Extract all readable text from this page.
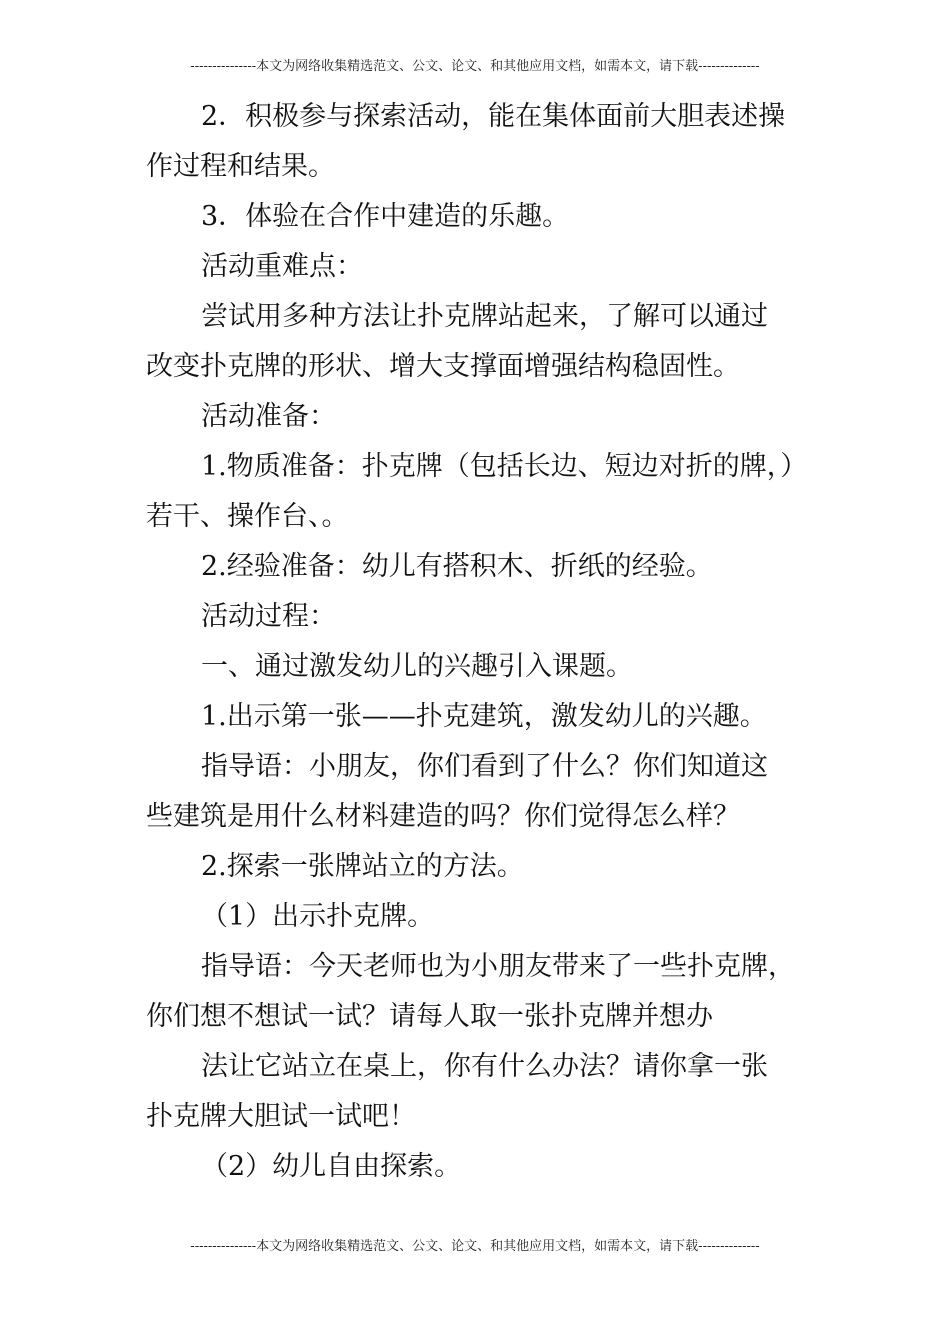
---------------本文为网络收集精选范文、公文、论文、和其他应用文档，如需本文，请下载--------------

2．积极参与探索活动，能在集体面前大胆表述操

作过程和结果。

3．体验在合作中建造的乐趣。

活动重难点：

尝试用多种方法让扑克牌站起来，了解可以通过

改变扑克牌的形状、增大支撑面增强结构稳固性。

活动准备：

1.物质准备：扑克牌（包括长边、短边对折的牌，）

若干、操作台、。

2.经验准备：幼儿有搭积木、折纸的经验。

活动过程：

一、通过激发幼儿的兴趣引入课题。

1.出示第一张——扑克建筑，激发幼儿的兴趣。

指导语：小朋友，你们看到了什么？你们知道这

些建筑是用什么材料建造的吗？你们觉得怎么样？

2.探索一张牌站立的方法。

（1）出示扑克牌。

指导语：今天老师也为小朋友带来了一些扑克牌，

你们想不想试一试？请每人取一张扑克牌并想办

法让它站立在桌上，你有什么办法？请你拿一张

扑克牌大胆试一试吧！

（2）幼儿自由探索。

---------------本文为网络收集精选范文、公文、论文、和其他应用文档，如需本文，请下载--------------
